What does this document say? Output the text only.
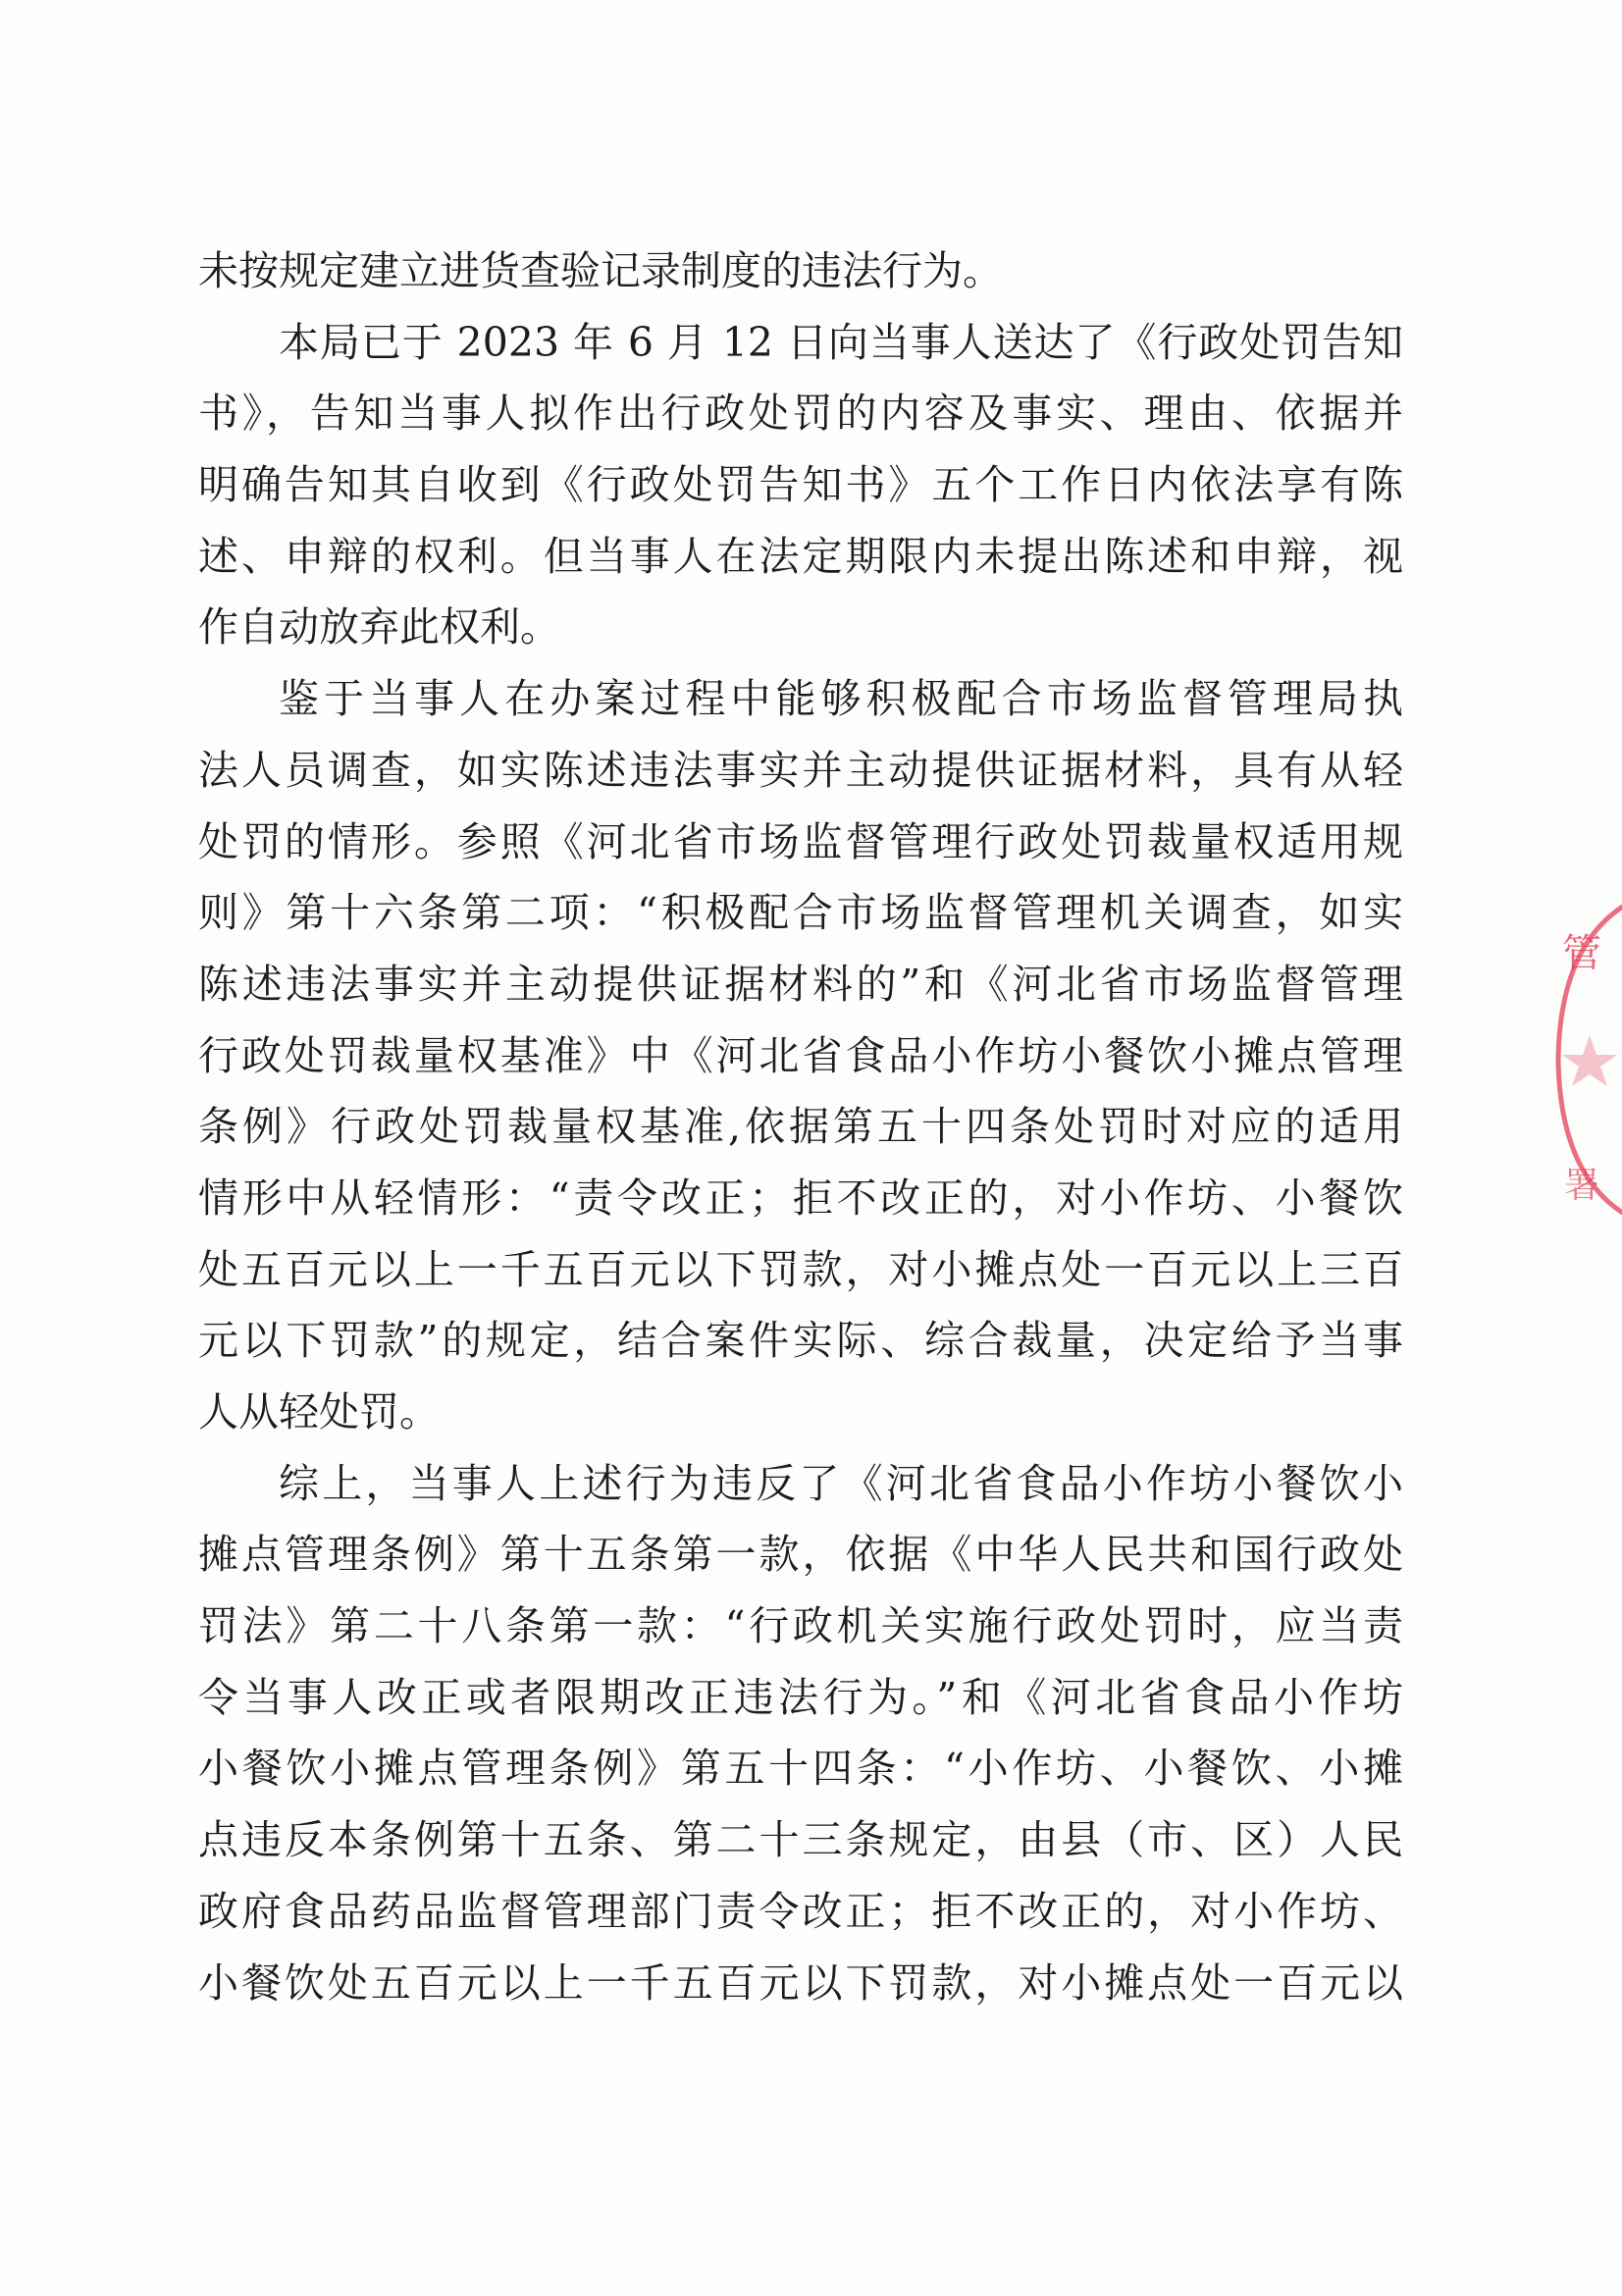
未按规定建立进货查验记录制度的违法行为。
本局已于 2023 年 6 月 12 日向当事人送达了《行政处罚告知
书》，告知当事人拟作出行政处罚的内容及事实、理由、依据并
明确告知其自收到《行政处罚告知书》五个工作日内依法享有陈
述、申辩的权利。但当事人在法定期限内未提出陈述和申辩，视
作自动放弃此权利。
鉴于当事人在办案过程中能够积极配合市场监督管理局执
法人员调查，如实陈述违法事实并主动提供证据材料，具有从轻
处罚的情形。参照《河北省市场监督管理行政处罚裁量权适用规
则》第十六条第二项：“积极配合市场监督管理机关调查，如实
陈述违法事实并主动提供证据材料的”和《河北省市场监督管理
行政处罚裁量权基准》中《河北省食品小作坊小餐饮小摊点管理
条例》行政处罚裁量权基准,依据第五十四条处罚时对应的适用
情形中从轻情形：“责令改正；拒不改正的，对小作坊、小餐饮
处五百元以上一千五百元以下罚款，对小摊点处一百元以上三百
元以下罚款”的规定，结合案件实际、综合裁量，决定给予当事
人从轻处罚。
综上，当事人上述行为违反了《河北省食品小作坊小餐饮小
摊点管理条例》第十五条第一款，依据《中华人民共和国行政处
罚法》第二十八条第一款：“行政机关实施行政处罚时，应当责
令当事人改正或者限期改正违法行为。”和《河北省食品小作坊
小餐饮小摊点管理条例》第五十四条：“小作坊、小餐饮、小摊
点违反本条例第十五条、第二十三条规定，由县（市、区）人民
政府食品药品监督管理部门责令改正；拒不改正的，对小作坊、
小餐饮处五百元以上一千五百元以下罚款，对小摊点处一百元以
管
署
